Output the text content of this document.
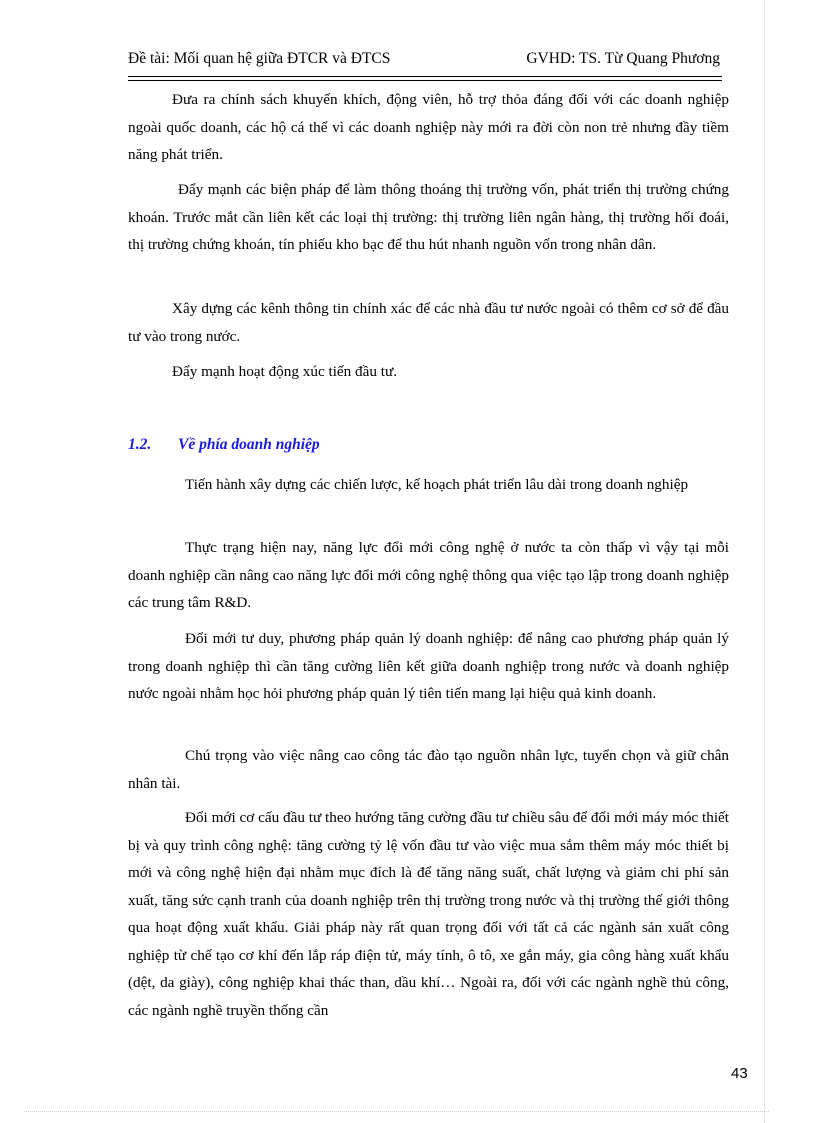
Đề tài: Mối quan hệ giữa ĐTCR và ĐTCS	GVHD: TS. Từ Quang Phương

Đưa ra chính sách khuyến khích, động viên, hỗ trợ thỏa đáng đối với các doanh nghiệp ngoài quốc doanh, các hộ cá thể vì các doanh nghiệp này mới ra đời còn non trẻ nhưng đầy tiềm năng phát triển.

Đẩy mạnh các biện pháp để làm thông thoáng thị trường vốn, phát triển thị trường chứng khoán. Trước mắt cần liên kết các loại thị trường: thị trường liên ngân hàng, thị trường hối đoái, thị trường chứng khoán, tín phiếu kho bạc để thu hút nhanh nguồn vốn trong nhân dân.

Xây dựng các kênh thông tin chính xác để các nhà đầu tư nước ngoài có thêm cơ sở để đầu tư vào trong nước.

Đẩy mạnh hoạt động xúc tiến đầu tư.

1.2. Về phía doanh nghiệp

Tiến hành xây dựng các chiến lược, kế hoạch phát triển lâu dài trong doanh nghiệp

Thực trạng hiện nay, năng lực đổi mới công nghệ ở nước ta còn thấp vì vậy tại mỗi doanh nghiệp cần nâng cao năng lực đổi mới công nghệ thông qua việc tạo lập trong doanh nghiệp các trung tâm R&D.

Đổi mới tư duy, phương pháp quản lý doanh nghiệp: để nâng cao phương pháp quản lý trong doanh nghiệp thì cần tăng cường liên kết giữa doanh nghiệp trong nước và doanh nghiệp nước ngoài nhằm học hỏi phương pháp quản lý tiên tiến mang lại hiệu quả kinh doanh.

Chú trọng vào việc nâng cao công tác đào tạo nguồn nhân lực, tuyển chọn và giữ chân nhân tài.

Đổi mới cơ cấu đầu tư theo hướng tăng cường đầu tư chiều sâu để đổi mới máy móc thiết bị và quy trình công nghệ: tăng cường tỷ lệ vốn đầu tư vào việc mua sắm thêm máy móc thiết bị mới và công nghệ hiện đại nhằm mục đích là để tăng năng suất, chất lượng và giảm chi phí sản xuất, tăng sức cạnh tranh của doanh nghiệp trên thị trường trong nước và thị trường thế giới thông qua hoạt động xuất khẩu. Giải pháp này rất quan trọng đối với tất cả các ngành sản xuất công nghiệp từ chế tạo cơ khí đến lắp ráp điện tử, máy tính, ô tô, xe gắn máy, gia công hàng xuất khẩu (dệt, da giày), công nghiệp khai thác than, dầu khí… Ngoài ra, đối với các ngành nghề thủ công, các ngành nghề truyền thống cần

43
